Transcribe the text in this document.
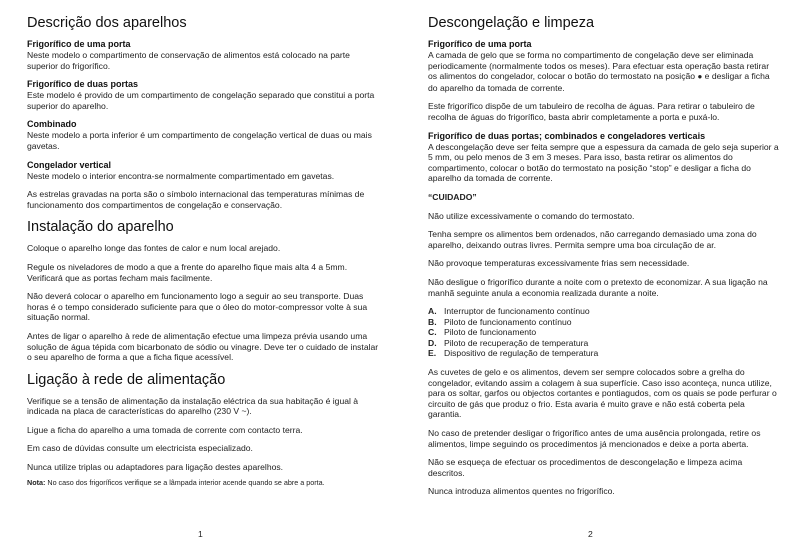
Descrição dos aparelhos
Frigorífico de uma porta

Neste modelo o compartimento de conservação de alimentos está colocado na parte superior do frigorífico.

Frigorífico de duas portas

Este modelo é provido de um compartimento de congelação separado que constitui a porta superior do aparelho.

Combinado

Neste modelo a porta inferior é um compartimento de congelação vertical de duas ou mais gavetas.

Congelador vertical

Neste modelo o interior encontra-se normalmente compartimentado em gavetas.

As estrelas gravadas na porta são o símbolo internacional das temperaturas mínimas de funcionamento dos compartimentos de congelação e conservação.

Instalação do aparelho

Coloque o aparelho longe das fontes de calor e num local arejado.

Regule os niveladores de modo a que a frente do aparelho fique mais alta 4 a 5mm. Verificará que as portas fecham mais facilmente.

Não deverá colocar o aparelho em funcionamento logo a seguir ao seu transporte. Duas horas é o tempo considerado suficiente para que o óleo do motor-compressor volte à sua situação normal.

Antes de ligar o aparelho à rede de alimentação efectue uma limpeza prévia usando uma solução de água tépida com bicarbonato de sódio ou vinagre. Deve ter o cuidado de instalar o seu aparelho de forma a que a ficha fique acessível.

Ligação à rede de alimentação

Verifique se a tensão de alimentação da instalação eléctrica da sua habitação é igual à indicada na placa de características do aparelho (230 V ~).

Ligue a ficha do aparelho a uma tomada de corrente com contacto terra.

Em caso de dúvidas consulte um electricista especializado.

Nunca utilize triplas ou adaptadores para ligação destes aparelhos.

Nota: No caso dos frigoríficos verifique se a lâmpada interior acende quando se abre a porta.

1
Descongelação e limpeza
Frigorífico de uma porta

A camada de gelo que se forma no compartimento de congelação deve ser eliminada periodicamente (normalmente todos os meses). Para efectuar esta operação basta retirar os alimentos do congelador, colocar o botão do termostato na posição ● e desligar a ficha do aparelho da tomada de corrente.

Este frigorífico dispõe de um tabuleiro de recolha de águas. Para retirar o tabuleiro de recolha de águas do frigorífico, basta abrir completamente a porta e puxá-lo.

Frigorífico de duas portas; combinados e congeladores verticais

A descongelação deve ser feita sempre que a espessura da camada de gelo seja superior a 5 mm, ou pelo menos de 3 em 3 meses. Para isso, basta retirar os alimentos do compartimento, colocar o botão do termostato na posição “stop” e desligar a ficha do aparelho da tomada de corrente.

“CUIDADO”

Não utilize excessivamente o comando do termostato.

Tenha sempre os alimentos bem ordenados, não carregando demasiado uma zona do aparelho, deixando outras livres. Permita sempre uma boa circulação de ar.

Não provoque temperaturas excessivamente frias sem necessidade.

Não desligue o frigorífico durante a noite com o pretexto de economizar. A sua ligação na manhã seguinte anula a economia realizada durante a noite.

A. Interruptor de funcionamento contínuo
B. Piloto de funcionamento contínuo
C. Piloto de funcionamento
D. Piloto de recuperação de temperatura
E. Dispositivo de regulação de temperatura

As cuvetes de gelo e os alimentos, devem ser sempre colocados sobre a grelha do congelador, evitando assim a colagem à sua superfície. Caso isso aconteça, nunca utilize, para os soltar, garfos ou objectos cortantes e pontiagudos, com os quais se pode perfurar o circuito de gás que produz o frio. Esta avaria é muito grave e não está coberta pela garantia.

No caso de pretender desligar o frigorífico antes de uma ausência prolongada, retire os alimentos, limpe seguindo os procedimentos já mencionados e deixe a porta aberta.

Não se esqueça de efectuar os procedimentos de descongelação e limpeza acima descritos.

Nunca introduza alimentos quentes no frigorífico.

2
